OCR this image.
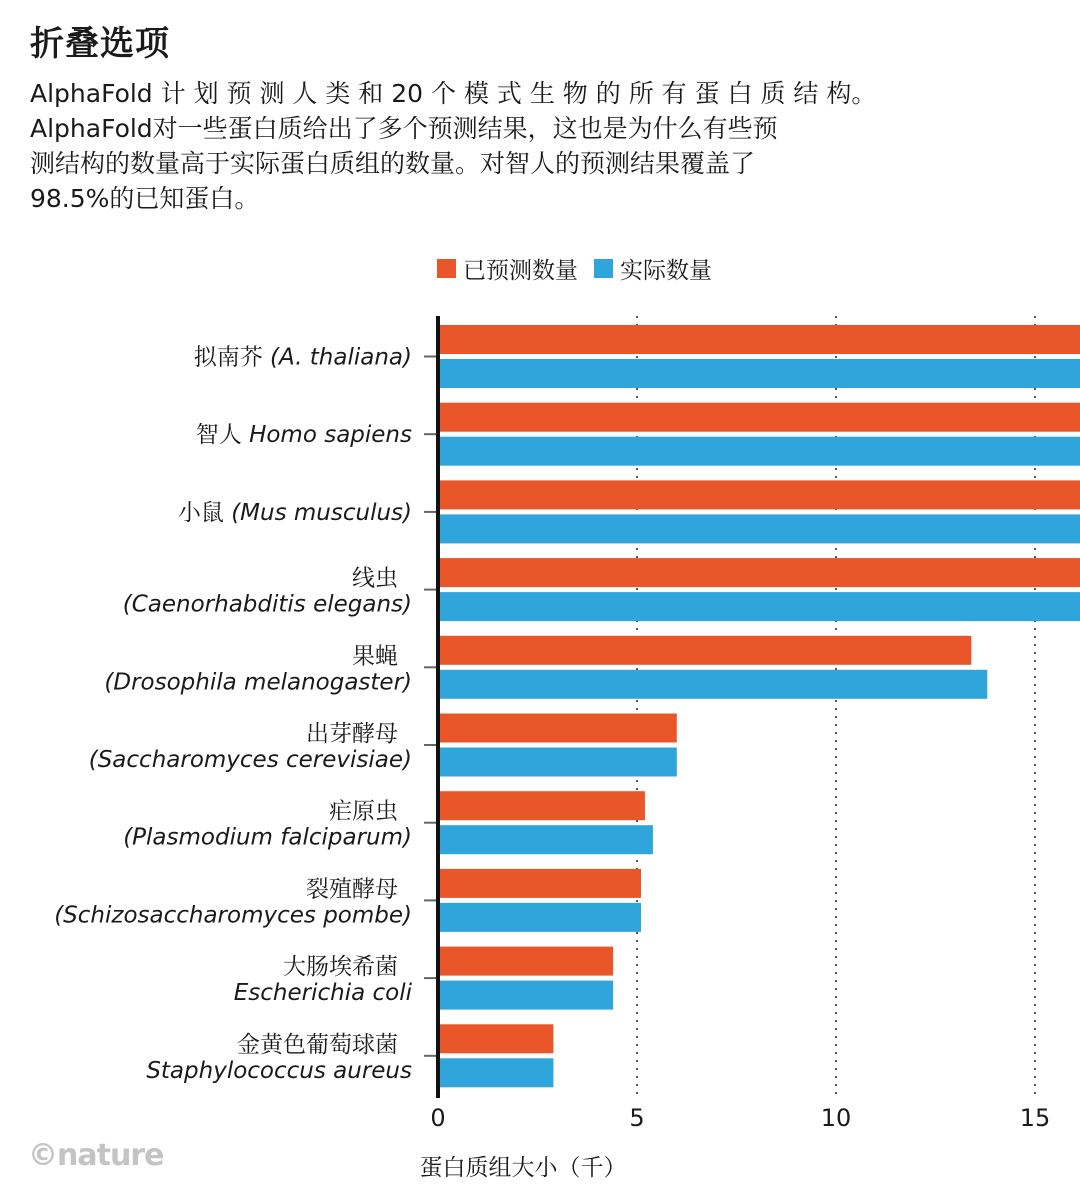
折叠选项
AlphaFold 计 划 预 测 人 类 和 20 个 模 式 生 物 的 所 有 蛋 白 质 结 构。
AlphaFold对一些蛋白质给出了多个预测结果，这也是为什么有些预
测结构的数量高于实际蛋白质组的数量。对智人的预测结果覆盖了
98.5%的已知蛋白。
已预测数量 实际数量
拟南芥 (A. thaliana)
智人 Homo sapiens
小鼠 (Mus musculus)
线虫(Caenorhabditis elegans)
果蝇(Drosophila melanogaster)
出芽酵母(Saccharomyces cerevisiae)
疟原虫(Plasmodium falciparum)
裂殖酵母(Schizosaccharomyces pombe)
大肠埃希菌 Escherichia coli
金黄色葡萄球菌 Staphylococcus aureus
0	5	10	15
蛋白质组大小（千）
©nature
